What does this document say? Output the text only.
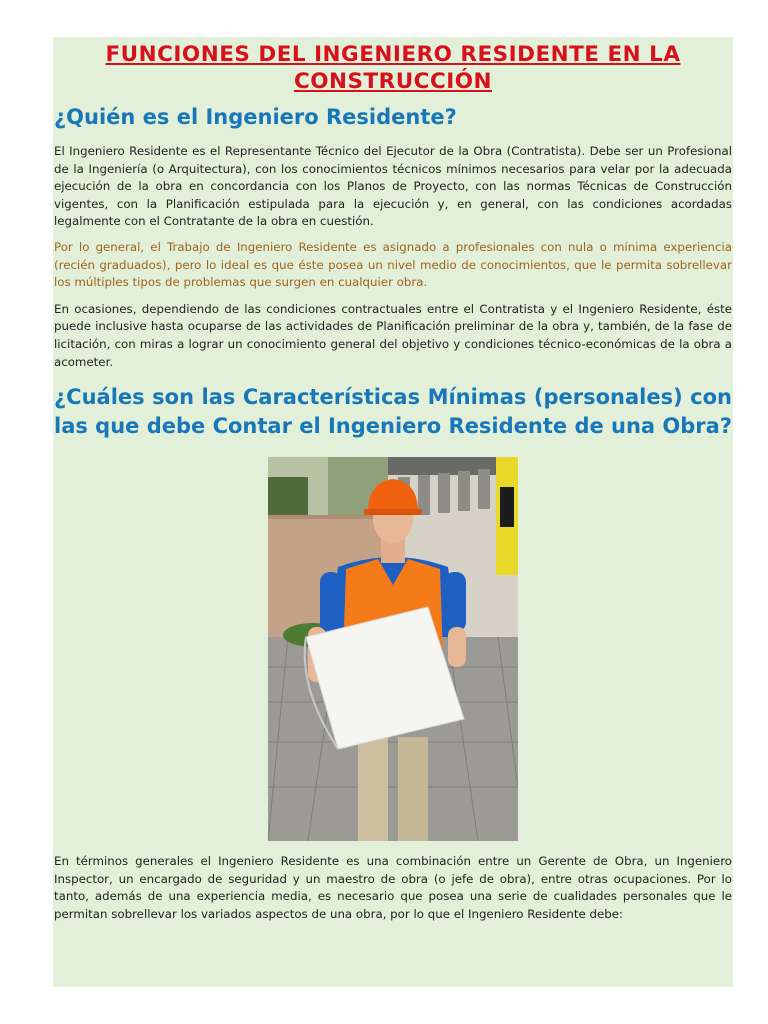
FUNCIONES DEL INGENIERO RESIDENTE EN LA CONSTRUCCIÓN
¿Quién es el Ingeniero Residente?

El Ingeniero Residente es el Representante Técnico del Ejecutor de la Obra (Contratista). Debe ser un Profesional de la Ingeniería (o Arquitectura), con los conocimientos técnicos mínimos necesarios para velar por la adecuada ejecución de la obra en concordancia con los Planos de Proyecto, con las normas Técnicas de Construcción vigentes, con la Planificación estipulada para la ejecución y, en general, con las condiciones acordadas legalmente con el Contratante de la obra en cuestión.

Por lo general, el Trabajo de Ingeniero Residente es asignado a profesionales con nula o mínima experiencia (recién graduados), pero lo ideal es que éste posea un nivel medio de conocimientos, que le permita sobrellevar los múltiples tipos de problemas que surgen en cualquier obra.

En ocasiones, dependiendo de las condiciones contractuales entre el Contratista y el Ingeniero Residente, éste puede inclusive hasta ocuparse de las actividades de Planificación preliminar de la obra y, también, de la fase de licitación, con miras a lograr un conocimiento general del objetivo y condiciones técnico-económicas de la obra a acometer.

¿Cuáles son las Características Mínimas (personales) con las que debe Contar el Ingeniero Residente de una Obra?

En términos generales el Ingeniero Residente es una combinación entre un Gerente de Obra, un Ingeniero Inspector, un encargado de seguridad y un maestro de obra (o jefe de obra), entre otras ocupaciones. Por lo tanto, además de una experiencia media, es necesario que posea una serie de cualidades personales que le permitan sobrellevar los variados aspectos de una obra, por lo que el Ingeniero Residente debe:
